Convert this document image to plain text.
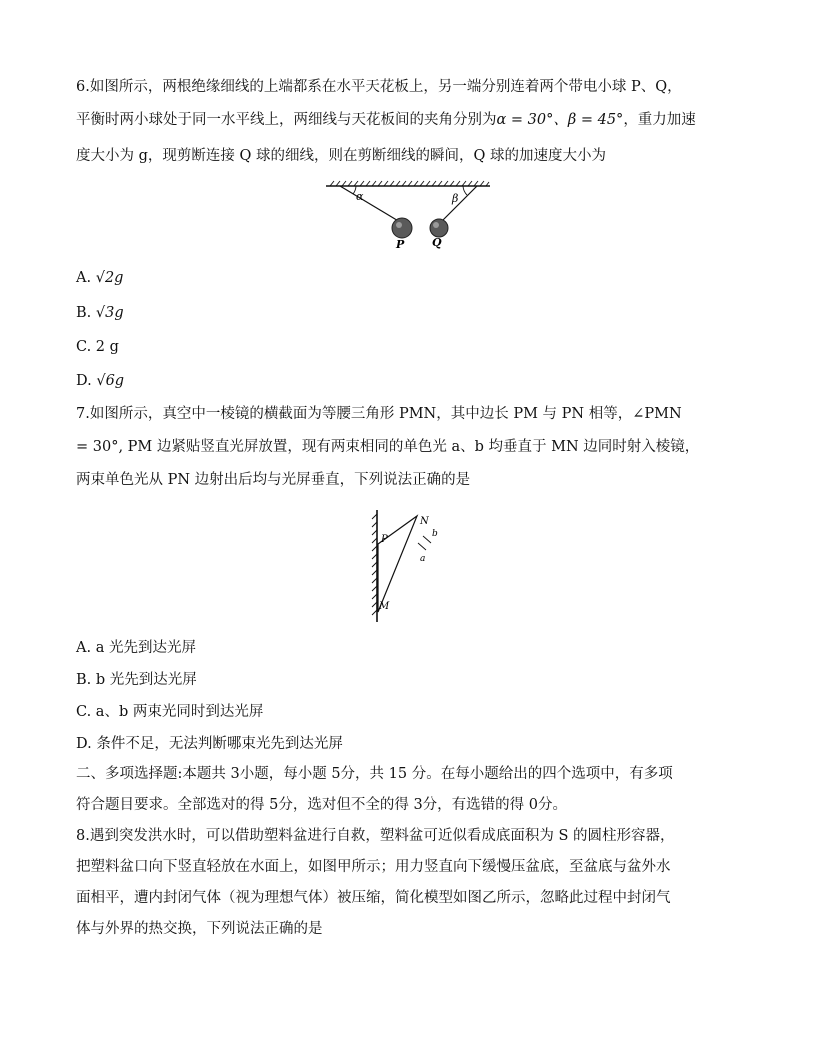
6.如图所示，两根绝缘细线的上端都系在水平天花板上，另一端分别连着两个带电小球 P、Q，
平衡时两小球处于同一水平线上，两细线与天花板间的夹角分别为α = 30°、β = 45°，重力加速
度大小为 g，现剪断连接 Q 球的细线，则在剪断细线的瞬间，Q 球的加速度大小为
α	β
P	Q
A. √2g
B. √3g
C. 2 g
D. √6g
7.如图所示，真空中一棱镜的横截面为等腰三角形 PMN，其中边长 PM 与 PN 相等，∠PMN
= 30°, PM 边紧贴竖直光屏放置，现有两束相同的单色光 a、b 均垂直于 MN 边同时射入棱镜，
两束单色光从 PN 边射出后均与光屏垂直，下列说法正确的是
P
N
M
b
a
A. a 光先到达光屏
B. b 光先到达光屏
C. a、b 两束光同时到达光屏
D. 条件不足，无法判断哪束光先到达光屏
二、多项选择题:本题共 3小题，每小题 5分，共 15 分。在每小题给出的四个选项中，有多项
符合题目要求。全部选对的得 5分，选对但不全的得 3分，有选错的得 0分。
8.遇到突发洪水时，可以借助塑料盆进行自救，塑料盆可近似看成底面积为 S 的圆柱形容器，
把塑料盆口向下竖直轻放在水面上，如图甲所示；用力竖直向下缓慢压盆底，至盆底与盆外水
面相平，遭内封闭气体（视为理想气体）被压缩，简化模型如图乙所示，忽略此过程中封闭气
体与外界的热交换，下列说法正确的是
